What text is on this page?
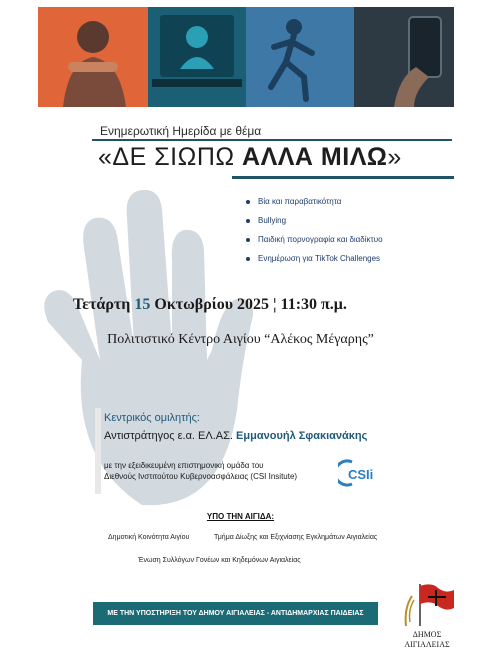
Ενημερωτική Ημερίδα με θέμα
«ΔΕ ΣΙΩΠΩ ΑΛΛΑ ΜΙΛΩ»
Βία και παραβατικότητα
Bullying
Παιδική πορνογραφία και διαδίκτυο
Ενημέρωση για TikTok Challenges
Τετάρτη 15 Οκτωβρίου 2025 ¦ 11:30 π.μ.
Πολιτιστικό Κέντρο Αιγίου “Αλέκος Μέγαρης”
Κεντρικός ομιλητής:
Αντιστράτηγος ε.α. ΕΛ.ΑΣ. Εμμανουήλ Σφακιανάκης
με την εξειδικευμένη επιστημονική ομάδα του
Διεθνούς Ινστιτούτου Κυβερνοασφάλειας (CSI Insitute)	CSIi
ΥΠΟ ΤΗΝ ΑΙΓΙΔΑ:
Δημοτική Κοινότητα Αιγίου	Τμήμα Δίωξης και Εξιχνίασης Εγκλημάτων Αιγιαλείας
Ένωση Συλλόγων Γονέων και Κηδεμόνων Αιγιαλείας
ΜΕ ΤΗΝ ΥΠΟΣΤΗΡΙΞΗ ΤΟΥ ΔΗΜΟΥ ΑΙΓΙΑΛΕΙΑΣ - ΑΝΤΙΔΗΜΑΡΧΙΑΣ ΠΑΙΔΕΙΑΣ
ΔΗΜΟΣ
ΑΙΓΙΑΛΕΙΑΣ
